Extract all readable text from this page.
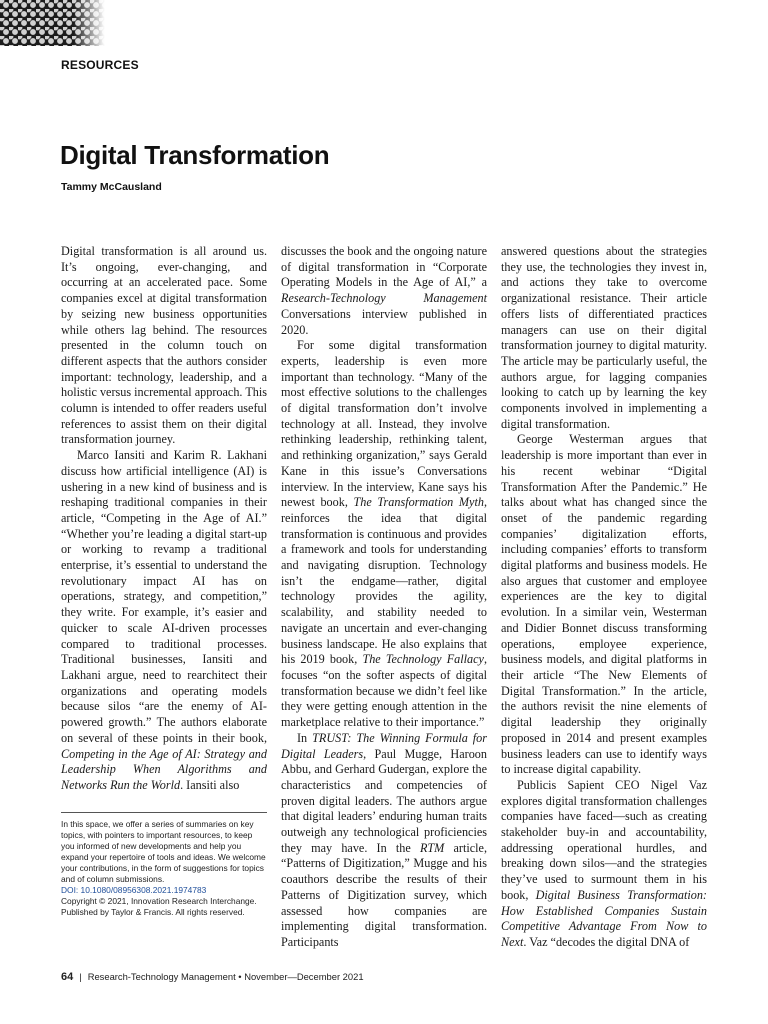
RESOURCES
Digital Transformation
Tammy McCausland

Digital transformation is all around us. It’s ongoing, ever-changing, and occurring at an accelerated pace. Some companies excel at digital transformation by seizing new business opportunities while others lag behind. The resources presented in the column touch on different aspects that the authors consider important: technology, leadership, and a holistic versus incremental approach. This column is intended to offer readers useful references to assist them on their digital transformation journey.

Marco Iansiti and Karim R. Lakhani discuss how artificial intelligence (AI) is ushering in a new kind of business and is reshaping traditional companies in their article, “Competing in the Age of AI.” “Whether you’re leading a digital start-up or working to revamp a traditional enterprise, it’s essential to understand the revolutionary impact AI has on operations, strategy, and competition,” they write. For example, it’s easier and quicker to scale AI-driven processes compared to traditional processes. Traditional businesses, Iansiti and Lakhani argue, need to rearchitect their organizations and operating models because silos “are the enemy of AI-powered growth.” The authors elaborate on several of these points in their book, Competing in the Age of AI: Strategy and Leadership When Algorithms and Networks Run the World. Iansiti also

discusses the book and the ongoing nature of digital transformation in “Corporate Operating Models in the Age of AI,” a Research-Technology Management Conversations interview published in 2020.

For some digital transformation experts, leadership is even more important than technology. “Many of the most effective solutions to the challenges of digital transformation don’t involve technology at all. Instead, they involve rethinking leadership, rethinking talent, and rethinking organization,” says Gerald Kane in this issue’s Conversations interview. In the interview, Kane says his newest book, The Transformation Myth, reinforces the idea that digital transformation is continuous and provides a framework and tools for understanding and navigating disruption. Technology isn’t the endgame—rather, digital technology provides the agility, scalability, and stability needed to navigate an uncertain and ever-changing business landscape. He also explains that his 2019 book, The Technology Fallacy, focuses “on the softer aspects of digital transformation because we didn’t feel like they were getting enough attention in the marketplace relative to their importance.”

In TRUST: The Winning Formula for Digital Leaders, Paul Mugge, Haroon Abbu, and Gerhard Gudergan, explore the characteristics and competencies of proven digital leaders. The authors argue that digital leaders’ enduring human traits outweigh any technological proficiencies they may have. In the RTM article, “Patterns of Digitization,” Mugge and his coauthors describe the results of their Patterns of Digitization survey, which assessed how companies are implementing digital transformation. Participants

answered questions about the strategies they use, the technologies they invest in, and actions they take to overcome organizational resistance. Their article offers lists of differentiated practices managers can use on their digital transformation journey to digital maturity. The article may be particularly useful, the authors argue, for lagging companies looking to catch up by learning the key components involved in implementing a digital transformation.

George Westerman argues that leadership is more important than ever in his recent webinar “Digital Transformation After the Pandemic.” He talks about what has changed since the onset of the pandemic regarding companies’ digitalization efforts, including companies’ efforts to transform digital platforms and business models. He also argues that customer and employee experiences are the key to digital evolution. In a similar vein, Westerman and Didier Bonnet discuss transforming operations, employee experience, business models, and digital platforms in their article “The New Elements of Digital Transformation.” In the article, the authors revisit the nine elements of digital leadership they originally proposed in 2014 and present examples business leaders can use to identify ways to increase digital capability.

Publicis Sapient CEO Nigel Vaz explores digital transformation challenges companies have faced—such as creating stakeholder buy-in and accountability, addressing operational hurdles, and breaking down silos—and the strategies they’ve used to surmount them in his book, Digital Business Transformation: How Established Companies Sustain Competitive Advantage From Now to Next. Vaz “decodes the digital DNA of

In this space, we offer a series of summaries on key topics, with pointers to important resources, to keep you informed of new developments and help you expand your repertoire of tools and ideas. We welcome your contributions, in the form of suggestions for topics and of column submissions.
DOI: 10.1080/08956308.2021.1974783
Copyright © 2021, Innovation Research Interchange.
Published by Taylor & Francis. All rights reserved.
64 | Research-Technology Management • November—December 2021
